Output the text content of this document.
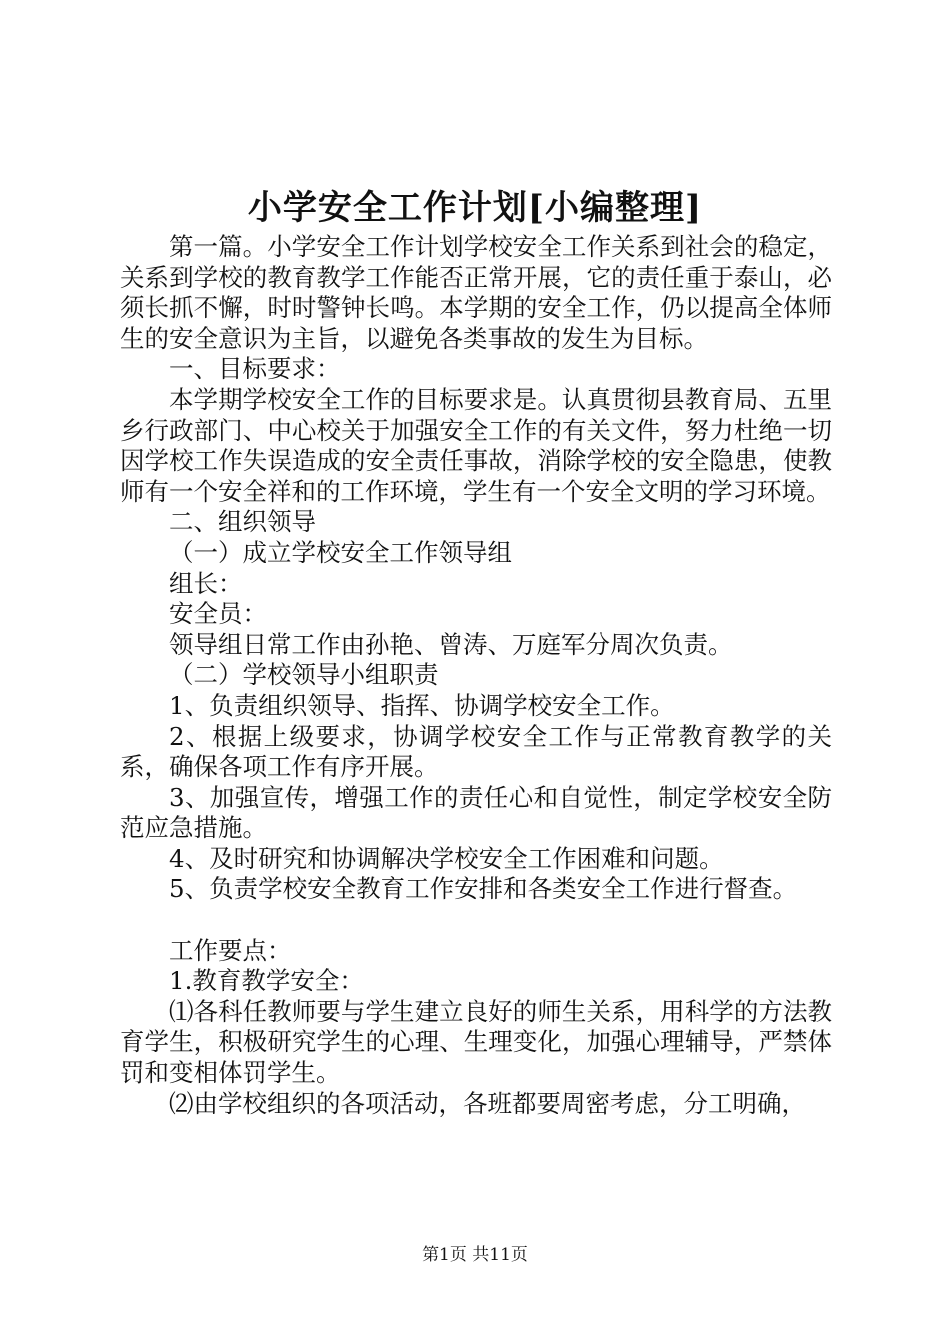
小学安全工作计划[小编整理]

第一篇。小学安全工作计划学校安全工作关系到社会的稳定，关系到学校的教育教学工作能否正常开展，它的责任重于泰山，必须长抓不懈，时时警钟长鸣。本学期的安全工作，仍以提高全体师生的安全意识为主旨，以避免各类事故的发生为目标。

一、目标要求：

本学期学校安全工作的目标要求是。认真贯彻县教育局、五里乡行政部门、中心校关于加强安全工作的有关文件，努力杜绝一切因学校工作失误造成的安全责任事故，消除学校的安全隐患，使教师有一个安全祥和的工作环境，学生有一个安全文明的学习环境。

二、组织领导

（一）成立学校安全工作领导组

组长：

安全员：

领导组日常工作由孙艳、曾涛、万庭军分周次负责。

（二）学校领导小组职责

1、负责组织领导、指挥、协调学校安全工作。

2、根据上级要求，协调学校安全工作与正常教育教学的关系，确保各项工作有序开展。

3、加强宣传，增强工作的责任心和自觉性，制定学校安全防范应急措施。

4、及时研究和协调解决学校安全工作困难和问题。

5、负责学校安全教育工作安排和各类安全工作进行督查。

工作要点：

1.教育教学安全：

⑴各科任教师要与学生建立良好的师生关系，用科学的方法教育学生，积极研究学生的心理、生理变化，加强心理辅导，严禁体罚和变相体罚学生。

⑵由学校组织的各项活动，各班都要周密考虑，分工明确，

第1页 共11页
